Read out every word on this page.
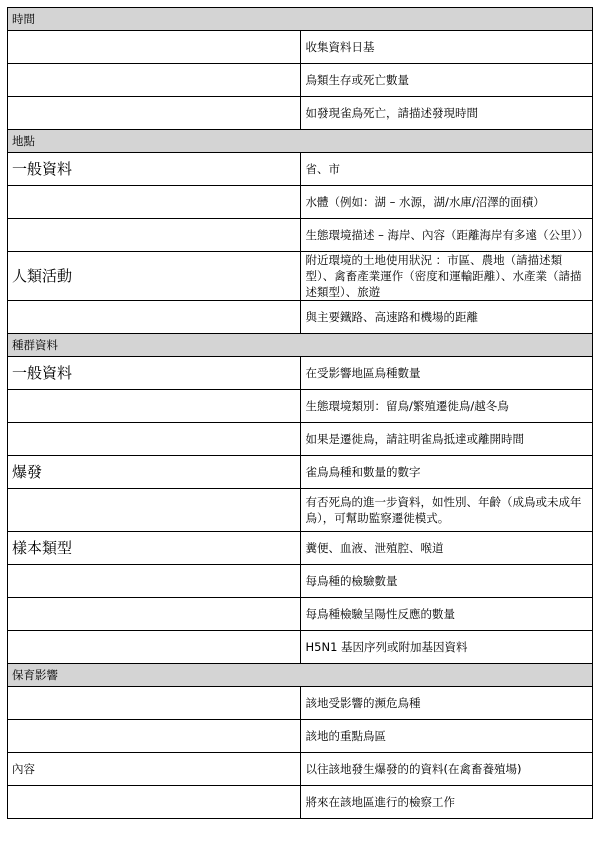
時間	
	收集資料日基
	鳥類生存或死亡數量
	如發現雀鳥死亡，請描述發現時間
地點	
一般資料	省、市
	水體（例如：湖 – 水源，湖/水庫/沼澤的面積）
	生態環境描述 – 海岸、內容（距離海岸有多遠（公里））
人類活動	附近環境的土地使用狀況 ：市區、農地（請描述類型）、禽畜產業運作（密度和運輸距離）、水產業（請描述類型）、旅遊
	與主要鐵路、高速路和機場的距離
種群資料	
一般資料	在受影響地區鳥種數量
	生態環境類別：留鳥/繁殖遷徙鳥/越冬鳥
	如果是遷徙鳥，請註明雀鳥抵達或離開時間
爆發	雀鳥鳥種和數量的數字
	有否死鳥的進一步資料，如性別、年齡（成鳥或未成年鳥），可幫助監察遷徙模式。
樣本類型	糞便、血液、泄殖腔、喉道
	每鳥種的檢驗數量
	每鳥種檢驗呈陽性反應的數量
	H5N1 基因序列或附加基因資料
保育影響	
	該地受影響的瀕危鳥種
	該地的重點鳥區
內容	以往該地發生爆發的的資料(在禽畜養殖場)
	將來在該地區進行的檢察工作
